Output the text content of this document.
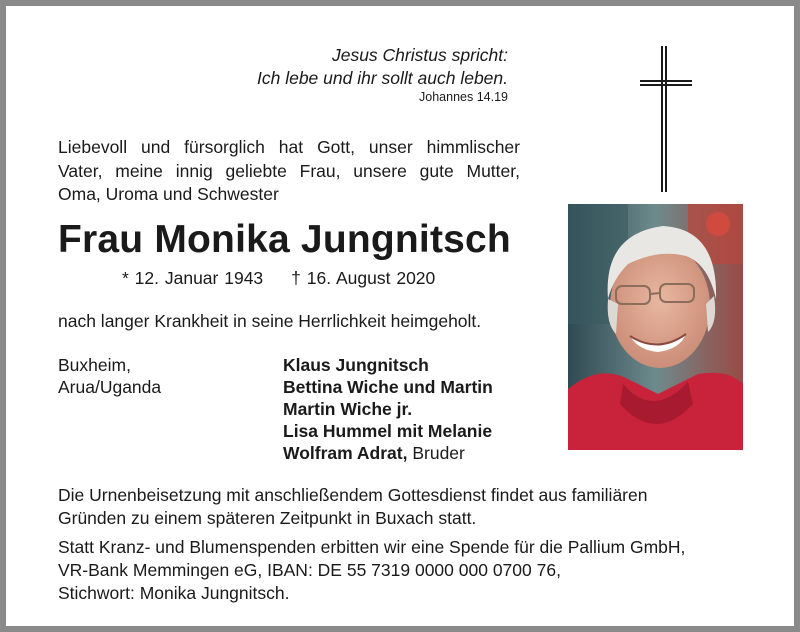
Jesus Christus spricht:
Ich lebe und ihr sollt auch leben.
Johannes 14.19
Liebevoll und fürsorglich hat Gott, unser himmlischer
Vater, meine innig geliebte Frau, unsere gute Mutter,
Oma, Uroma und Schwester
Frau Monika Jungnitsch
* 12. Januar 1943 † 16. August 2020
nach langer Krankheit in seine Herrlichkeit heimgeholt.
Buxheim,
Arua/Uganda
Klaus Jungnitsch
Bettina Wiche und Martin
Martin Wiche jr.
Lisa Hummel mit Melanie
Wolfram Adrat, Bruder
Die Urnenbeisetzung mit anschließendem Gottesdienst findet aus familiären
Gründen zu einem späteren Zeitpunkt in Buxach statt.
Statt Kranz- und Blumenspenden erbitten wir eine Spende für die Pallium GmbH,
VR-Bank Memmingen eG, IBAN: DE 55 7319 0000 000 0700 76,
Stichwort: Monika Jungnitsch.
